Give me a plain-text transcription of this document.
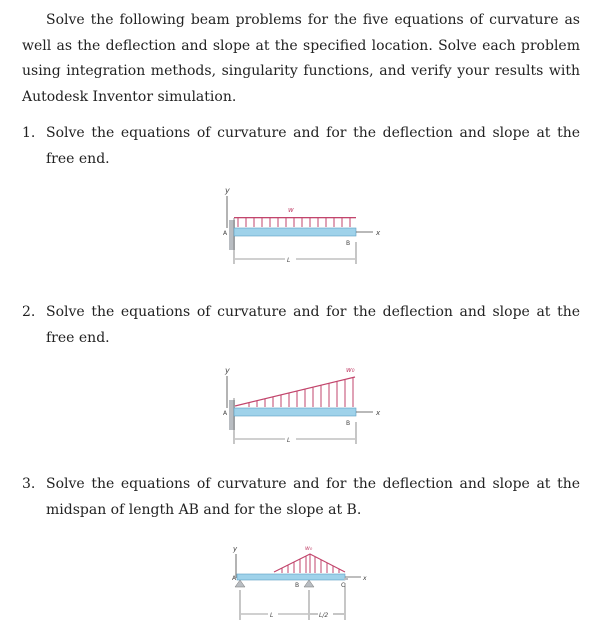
Solve the following beam problems for the five equations of curvature as well as the deflection and slope at the specified location. Solve each problem using integration methods, singularity functions, and verify your results with Autodesk Inventor simulation.
1. Solve the equations of curvature and for the deflection and slope at the free end.
y
w
A
B
x
L
2. Solve the equations of curvature and for the deflection and slope at the free end.
y	w₀
A
B
x
L
3. Solve the equations of curvature and for the deflection and slope at the midspan of length AB and for the slope at B.
y	w₀
A
B	C
x
L	L/2
